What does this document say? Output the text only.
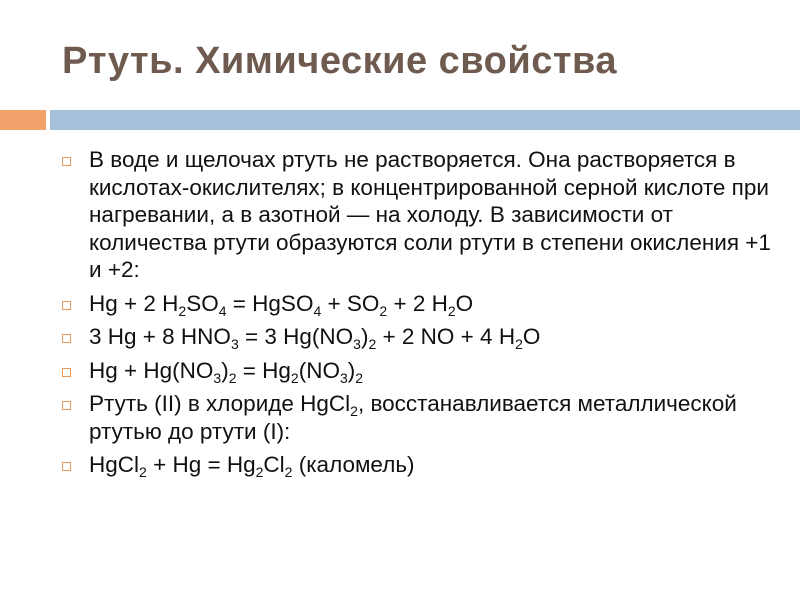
Ртуть. Химические свойства
В воде и щелочах ртуть не растворяется. Она растворяется в кислотах-окислителях; в концентрированной серной кислоте при нагревании, а в азотной — на холоду. В зависимости от количества ртути образуются соли ртути в степени окисления +1 и +2:
Hg + 2 $H_2SO_4$ = HgSO$_4$ + $SO_2 + 2$ $H_2O$
3 Hg + 8 $HNO_3 = 3$ $Hg(NO_3)_2 + 2$ NO + 4 $H_2O$
$Hg + Hg(NO_3)_2 = Hg_2(NO_3)_2$
Ртуть (II) в хлориде HgCl$_2$, восстанавливается металлической ртутью до ртути (I):
HgCl$_2$ + $Hg = Hg_2Cl_2$ (каломель)
